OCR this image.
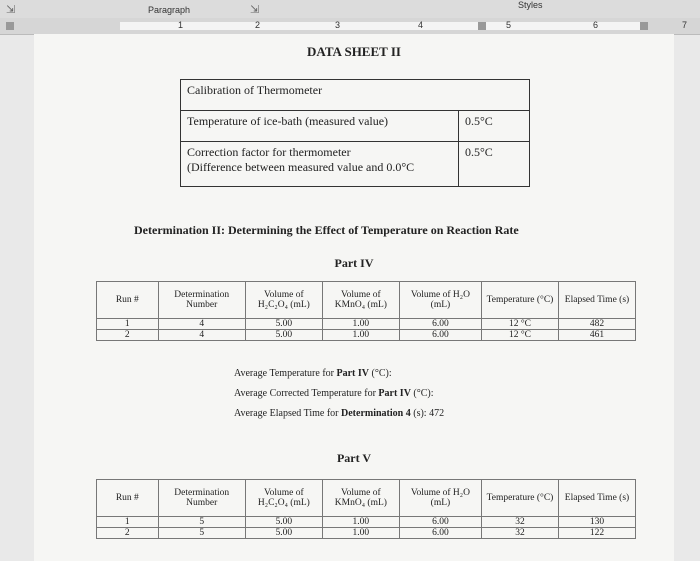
⇲	Paragraph	⇲	Styles
1	2	3	4	5	6	7
DATA SHEET II
Calibration of Thermometer	
Temperature of ice-bath (measured value)	0.5°C
Correction factor for thermometer
(Difference between measured value and 0.0°C	0.5°C
Determination II: Determining the Effect of Temperature on Reaction Rate
Part IV
Run #	Determination Number	Volume of H₂C₂O₄ (mL)	Volume of KMnO₄ (mL)	Volume of H₂O (mL)	Temperature (°C)	Elapsed Time (s)
1	4	5.00	1.00	6.00	12 °C	482
2	4	5.00	1.00	6.00	12 °C	461
Average Temperature for Part IV (°C):
Average Corrected Temperature for Part IV (°C):
Average Elapsed Time for Determination 4 (s): 472
Part V
Run #	Determination Number	Volume of H₂C₂O₄ (mL)	Volume of KMnO₄ (mL)	Volume of H₂O (mL)	Temperature (°C)	Elapsed Time (s)
1	5	5.00	1.00	6.00	32	130
2	5	5.00	1.00	6.00	32	122
